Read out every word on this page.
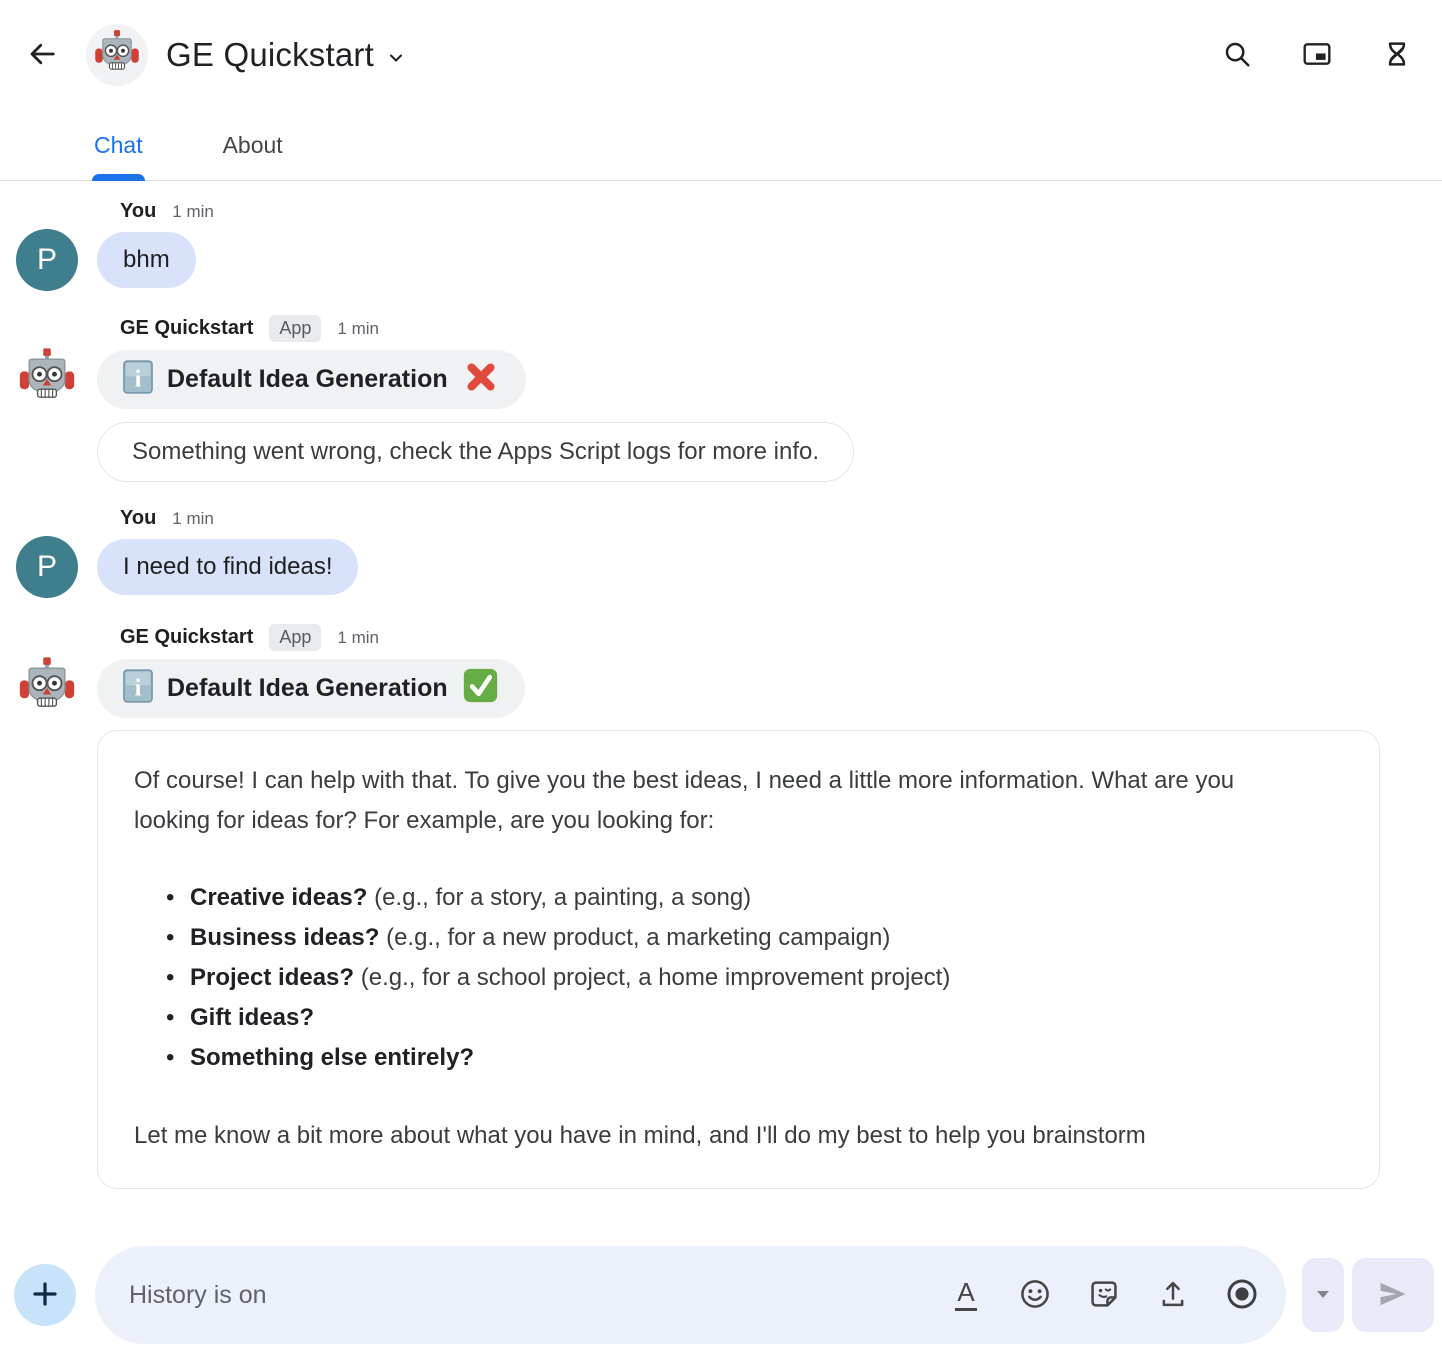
GE Quickstart
Chat	About
You 1 min
P	bhm
GE Quickstart	App	1 min
i Default Idea Generation
Something went wrong, check the Apps Script logs for more info.
You 1 min
P	I need to find ideas!
GE Quickstart	App	1 min
i Default Idea Generation

Of course! I can help with that. To give you the best ideas, I need a little more information. What are you looking for ideas for? For example, are you looking for:

• Creative ideas? (e.g., for a story, a painting, a song)
• Business ideas? (e.g., for a new product, a marketing campaign)
• Project ideas? (e.g., for a school project, a home improvement project)
• Gift ideas?
• Something else entirely?

Let me know a bit more about what you have in mind, and I'll do my best to help you brainstorm

History is on
A
